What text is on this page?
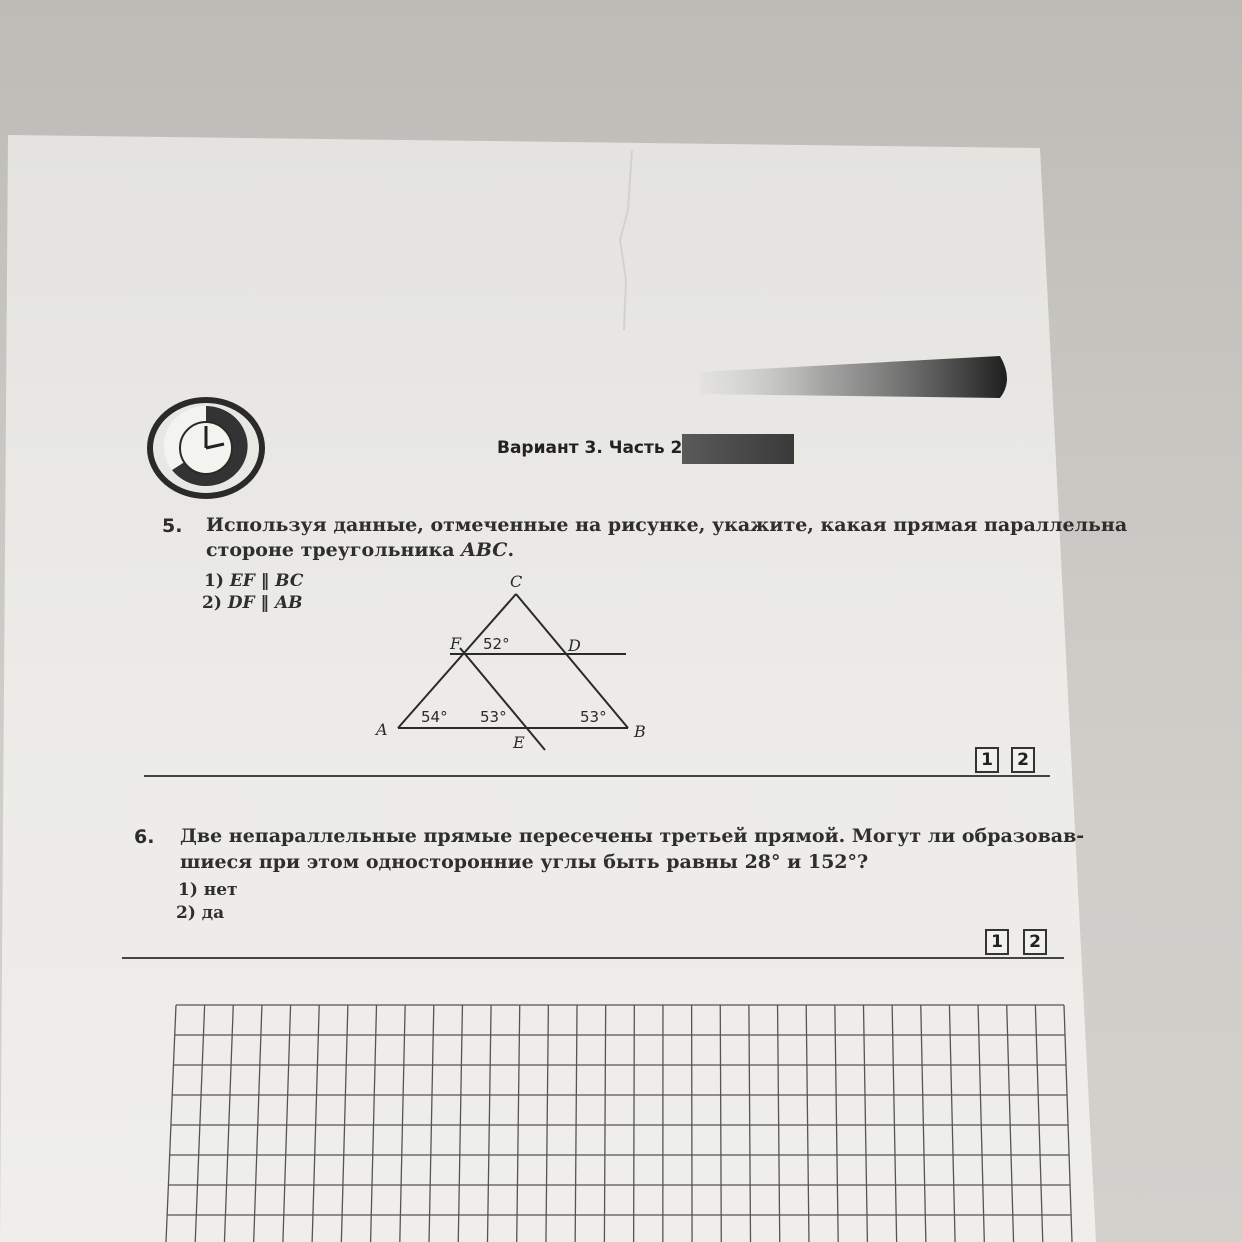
Вариант 3. Часть 2
5. Используя данные, отмеченные на рисунке, укажите, какая прямая параллельна
стороне треугольника ABC.
1) EF ‖ BC
2) DF ‖ AB
C
F	D
A	B
E
52°
54° 53°	53°
1	2
6. Две непараллельные прямые пересечены третьей прямой. Могут ли образовав-
шиеся при этом односторонние углы быть равны 28° и 152°?
1) нет
2) да
1	2
